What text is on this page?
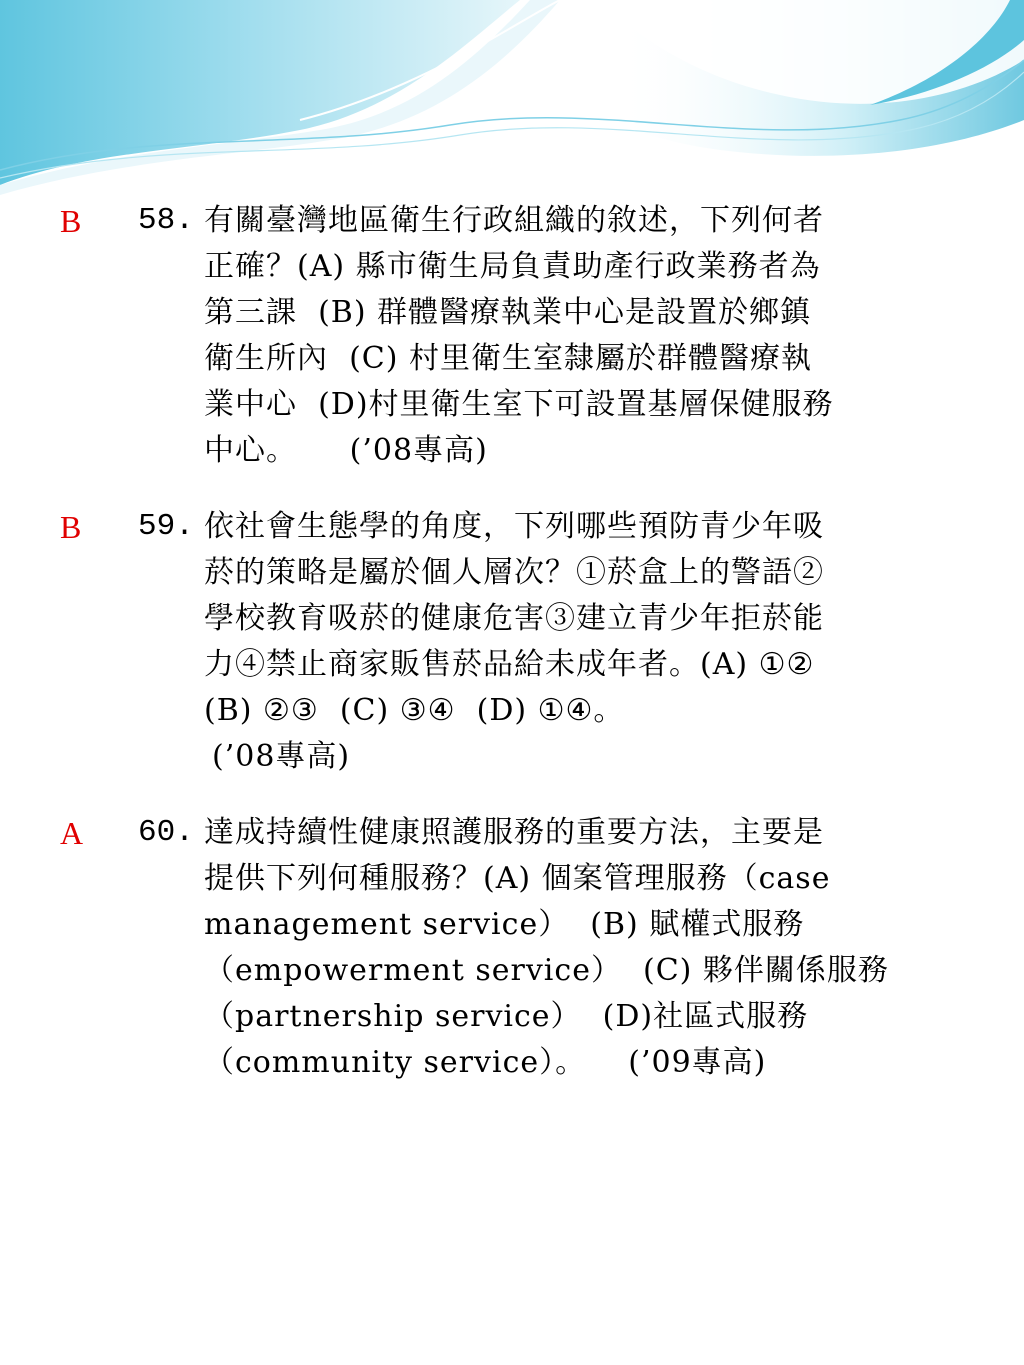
B 58. 有關臺灣地區衛生行政組織的敘述，下列何者
正確？(A) 縣市衛生局負責助產行政業務者為
第三課  (B) 群體醫療執業中心是設置於鄉鎮
衛生所內  (C) 村里衛生室隸屬於群體醫療執
業中心  (D)村里衛生室下可設置基層保健服務
中心。     (’08專高)
B 59. 依社會生態學的角度，下列哪些預防青少年吸
菸的策略是屬於個人層次？①菸盒上的警語②
學校教育吸菸的健康危害③建立青少年拒菸能
力④禁止商家販售菸品給未成年者。(A) ①②
(B) ②③  (C) ③④  (D) ①④。
(’08專高)
A 60. 達成持續性健康照護服務的重要方法，主要是
提供下列何種服務？(A) 個案管理服務（case
management service）  (B) 賦權式服務
（empowerment service）  (C) 夥伴關係服務
（partnership service）  (D)社區式服務
（community service）。    (’09專高)
